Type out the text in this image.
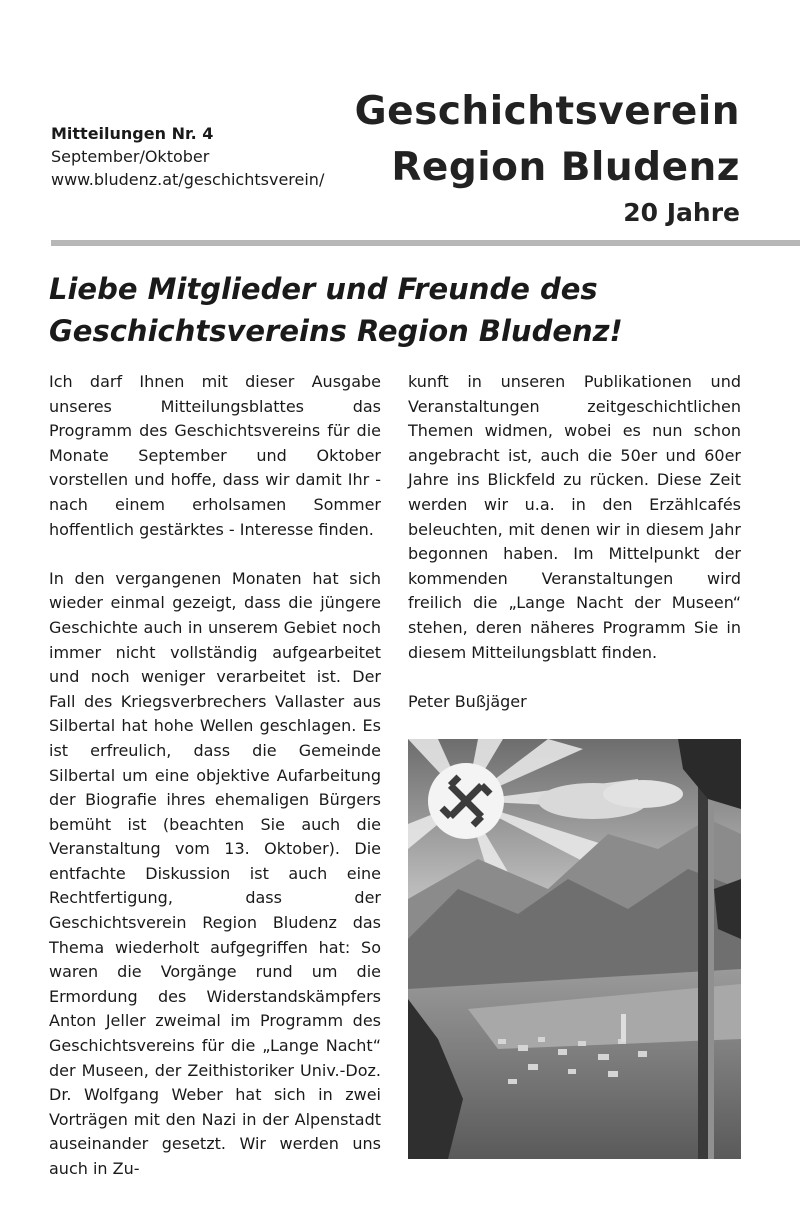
Mitteilungen Nr. 4
September/Oktober
www.bludenz.at/geschichtsverein/
Geschichtsverein
Region Bludenz
20 Jahre
Liebe Mitglieder und Freunde des
Geschichtsvereins Region Bludenz!

Ich darf Ihnen mit dieser Ausgabe unseres Mitteilungsblattes das Programm des Geschichtsvereins für die Monate September und Oktober vorstellen und hoffe, dass wir damit Ihr - nach einem erholsamen Sommer hoffentlich gestärktes - Interesse finden.

In den vergangenen Monaten hat sich wieder einmal gezeigt, dass die jüngere Geschichte auch in unserem Gebiet noch immer nicht vollständig aufgearbeitet und noch weniger verarbeitet ist. Der Fall des Kriegsverbrechers Vallaster aus Silbertal hat hohe Wellen geschlagen. Es ist erfreulich, dass die Gemeinde Silbertal um eine objektive Aufarbeitung der Biografie ihres ehemaligen Bürgers bemüht ist (beachten Sie auch die Veranstaltung vom 13. Oktober). Die entfachte Diskussion ist auch eine Rechtfertigung, dass der Geschichtsverein Region Bludenz das Thema wiederholt aufgegriffen hat: So waren die Vorgänge rund um die Ermordung des Widerstandskämpfers Anton Jeller zweimal im Programm des Geschichtsvereins für die „Lange Nacht“ der Museen, der Zeithistoriker Univ.-Doz. Dr. Wolfgang Weber hat sich in zwei Vorträgen mit den Nazi in der Alpenstadt auseinander gesetzt. Wir werden uns auch in Zu-

kunft in unseren Publikationen und Veranstaltungen zeitgeschichtlichen Themen widmen, wobei es nun schon angebracht ist, auch die 50er und 60er Jahre ins Blickfeld zu rücken. Diese Zeit werden wir u.a. in den Erzählcafés beleuchten, mit denen wir in diesem Jahr begonnen haben. Im Mittelpunkt der kommenden Veranstaltungen wird freilich die „Lange Nacht der Museen“ stehen, deren näheres Programm Sie in diesem Mitteilungsblatt finden.

Peter Bußjäger
